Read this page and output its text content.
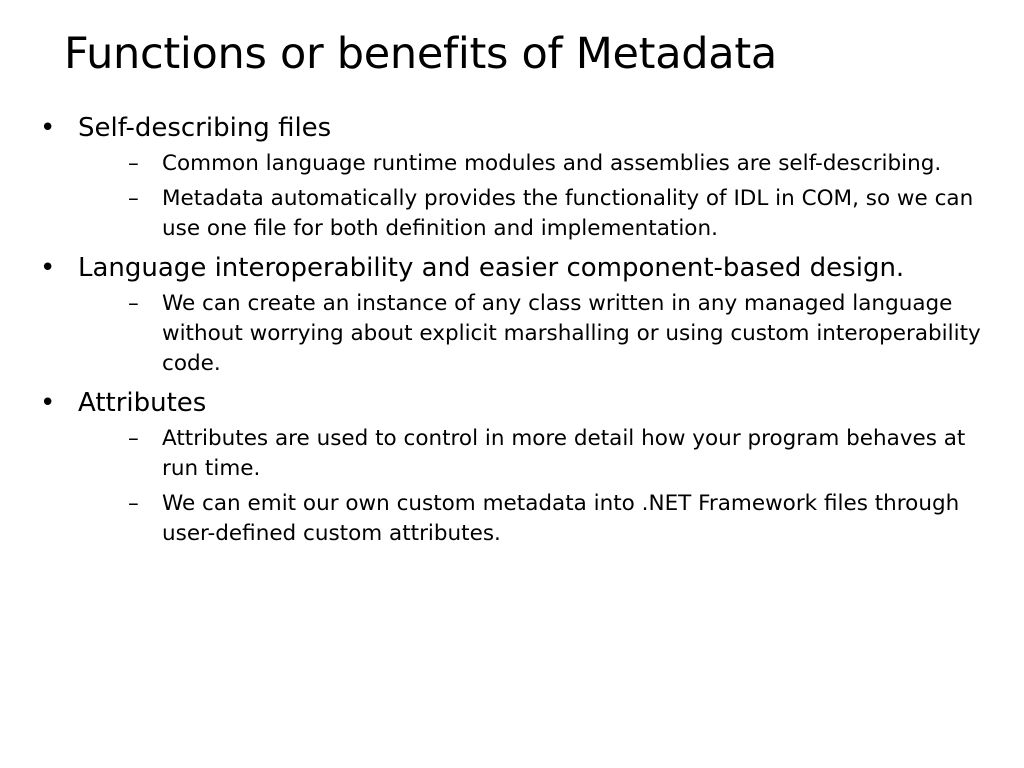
Functions or benefits of Metadata
• Self-describing files
– Common language runtime modules and assemblies are self-describing.
– Metadata automatically provides the functionality of IDL in COM, so we can use one file for both definition and implementation.
• Language interoperability and easier component-based design.
– We can create an instance of any class written in any managed language without worrying about explicit marshalling or using custom interoperability code.
• Attributes
– Attributes are used to control in more detail how your program behaves at run time.
– We can emit our own custom metadata into .NET Framework files through user-defined custom attributes.
